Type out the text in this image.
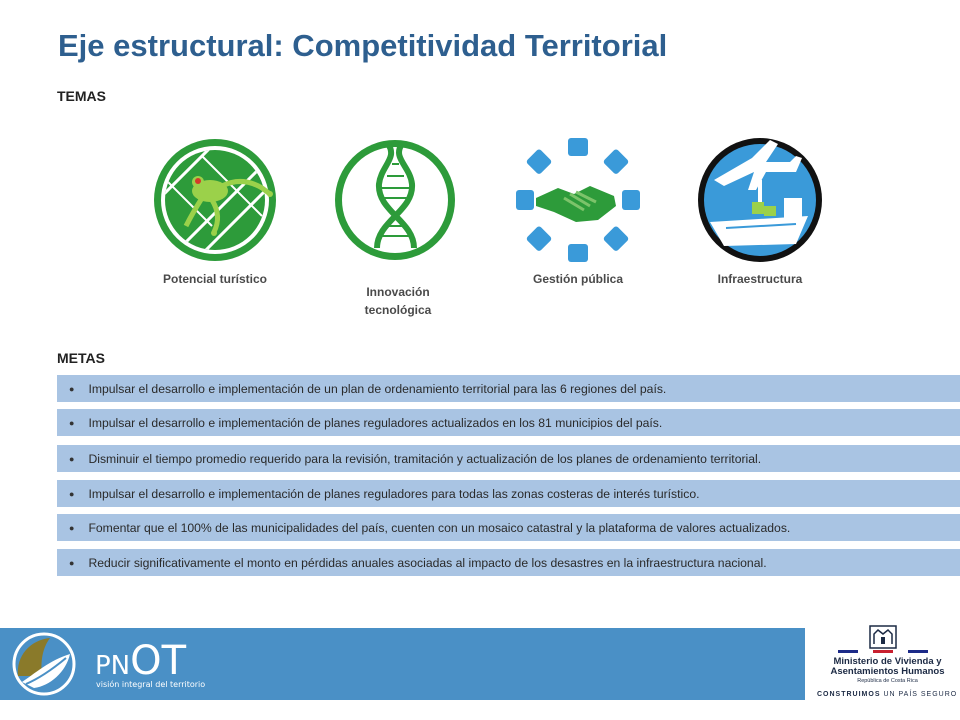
Eje estructural: Competitividad Territorial
TEMAS
Potencial turístico
Innovación tecnológica
Gestión pública	Infraestructura
METAS
● Impulsar el desarrollo e implementación de un plan de ordenamiento territorial para las 6 regiones del país.
● Impulsar el desarrollo e implementación de planes reguladores actualizados en los 81 municipios del país.
● Disminuir el tiempo promedio requerido para la revisión, tramitación y actualización de los planes de ordenamiento territorial.
● Impulsar el desarrollo e implementación de planes reguladores para todas las zonas costeras de interés turístico.
● Fomentar que el 100% de las municipalidades del país, cuenten con un mosaico catastral y la plataforma de valores actualizados.
● Reducir significativamente el monto en pérdidas anuales asociadas al impacto de los desastres en la infraestructura nacional.
PNOT
visión integral del territorio
Ministerio de Vivienda y Asentamientos Humanos
República de Costa Rica
CONSTRUIMOS UN PAÍS SEGURO
